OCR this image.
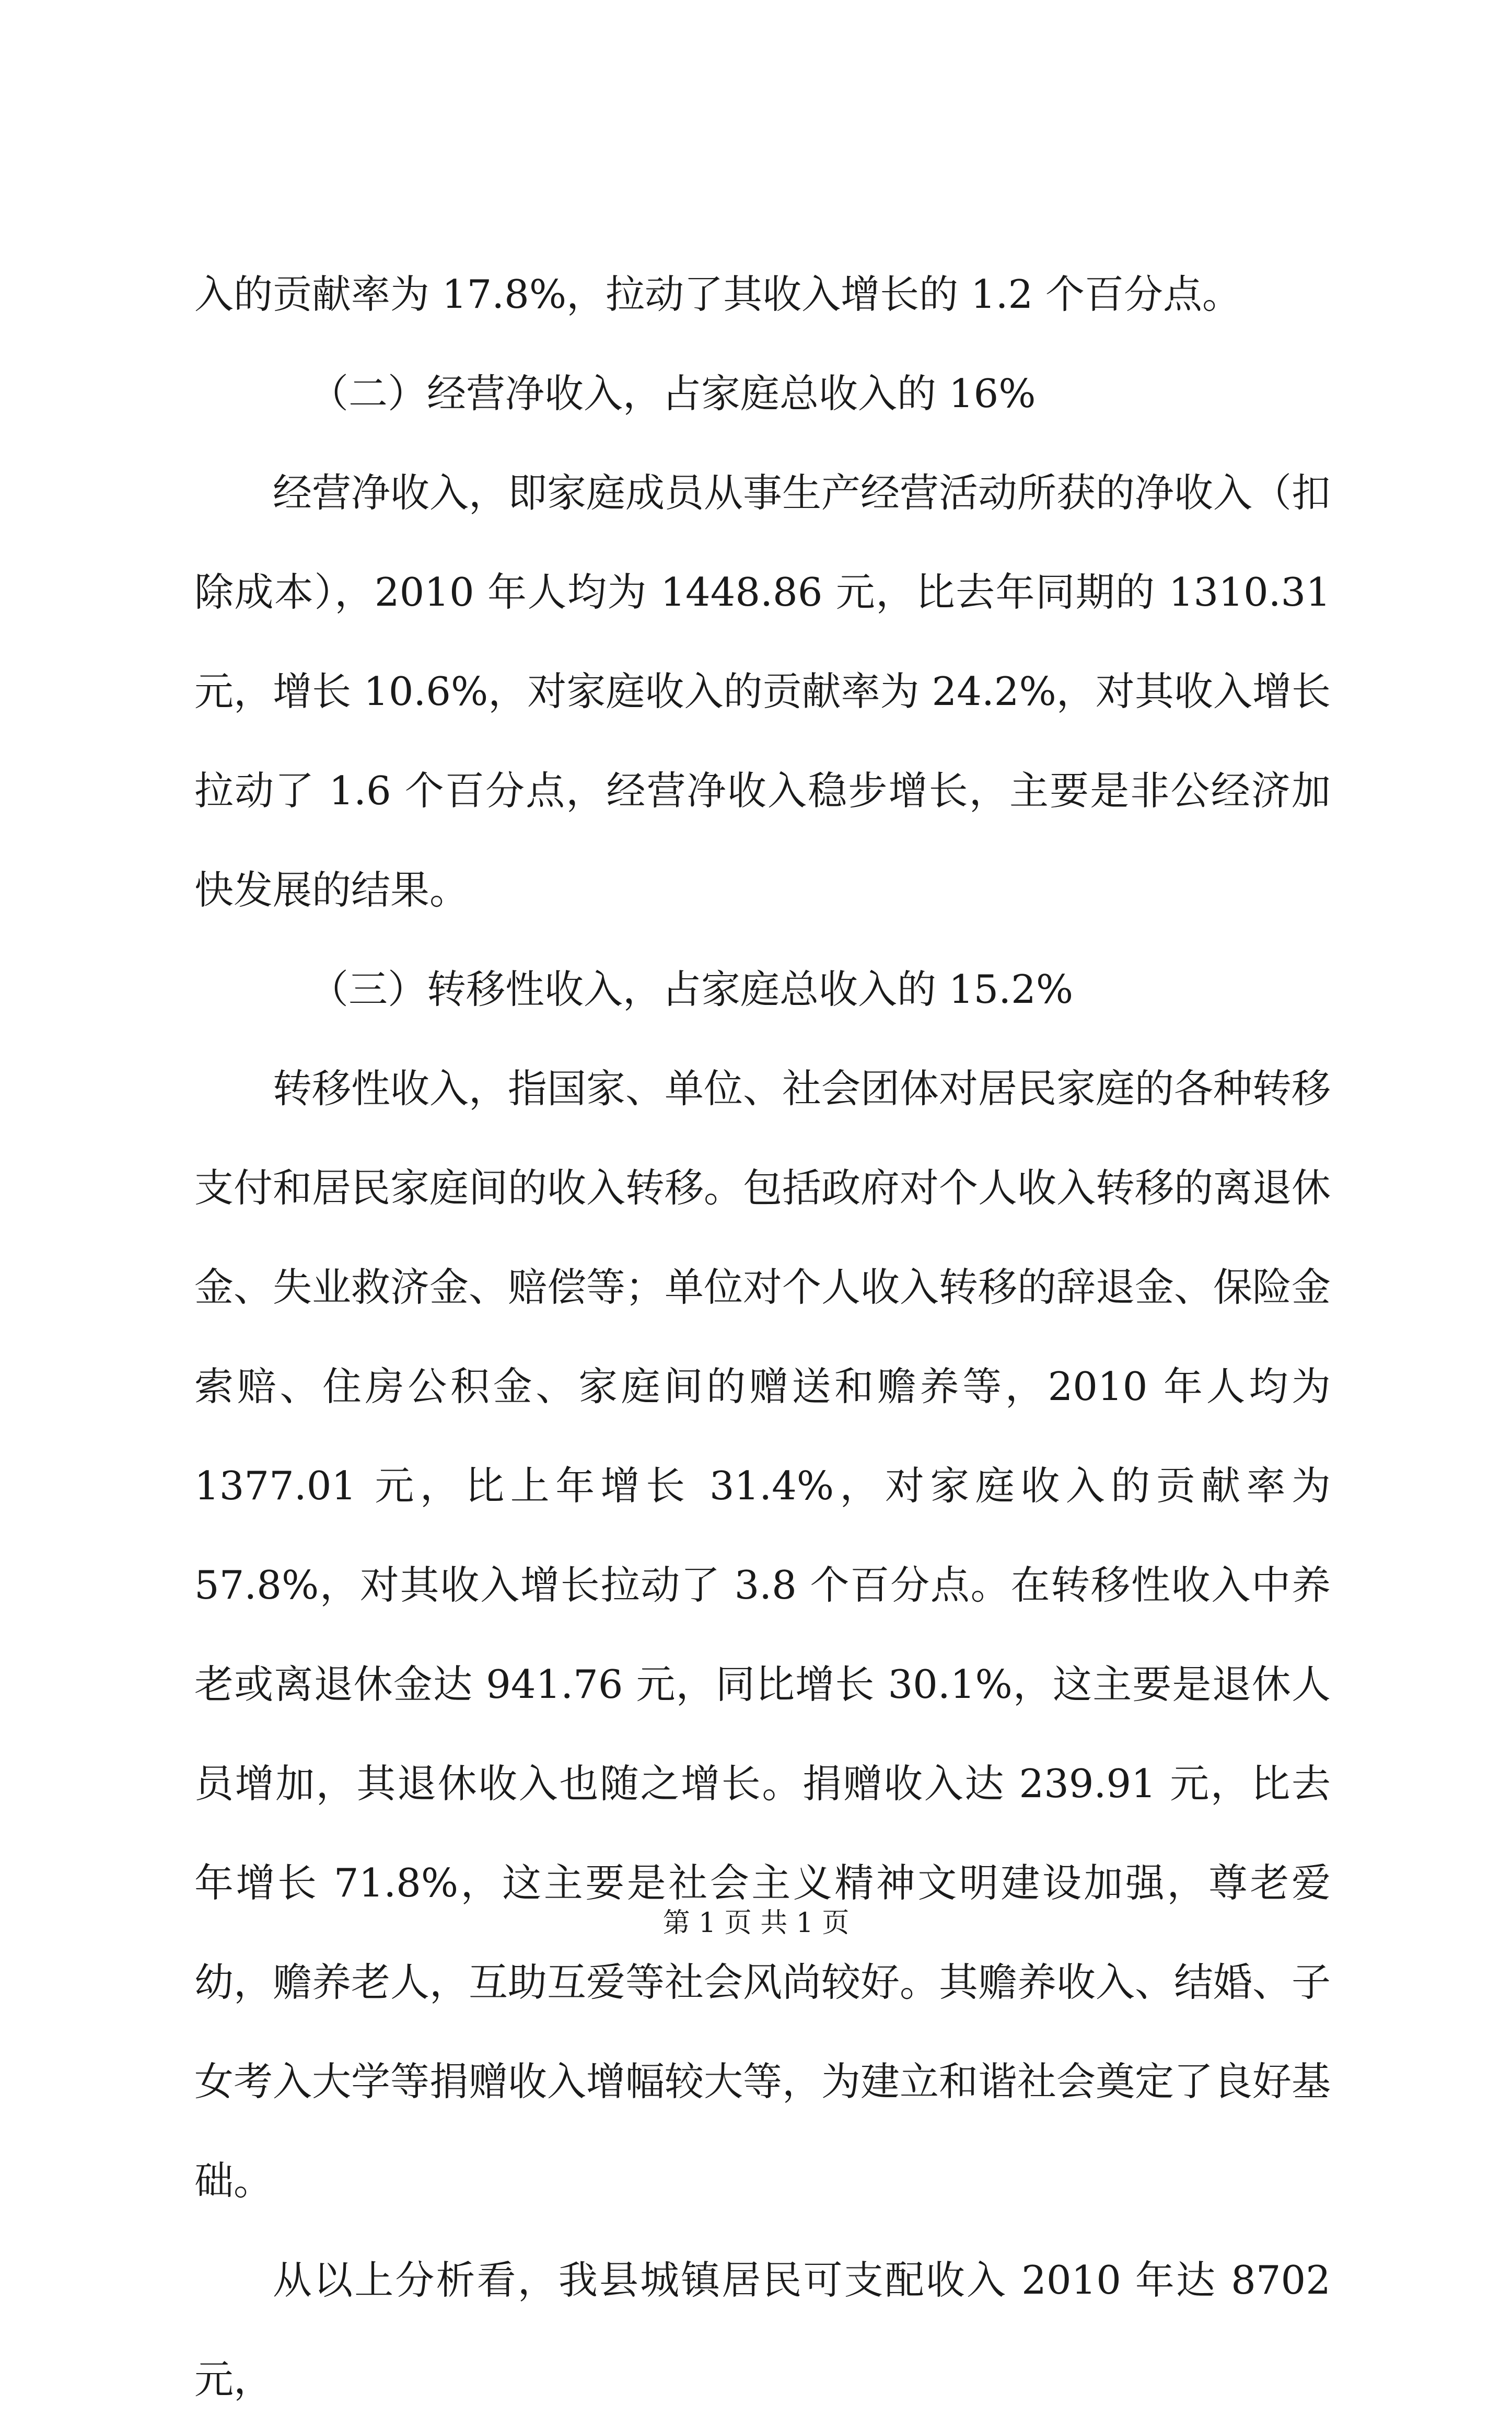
入的贡献率为 17.8%，拉动了其收入增长的 1.2 个百分点。

（二）经营净收入，占家庭总收入的 16%

经营净收入，即家庭成员从事生产经营活动所获的净收入（扣除成本），2010 年人均为 1448.86 元，比去年同期的 1310.31 元，增长 10.6%，对家庭收入的贡献率为 24.2%，对其收入增长拉动了 1.6 个百分点，经营净收入稳步增长，主要是非公经济加快发展的结果。

（三）转移性收入，占家庭总收入的 15.2%

转移性收入，指国家、单位、社会团体对居民家庭的各种转移支付和居民家庭间的收入转移。包括政府对个人收入转移的离退休金、失业救济金、赔偿等；单位对个人收入转移的辞退金、保险金索赔、住房公积金、家庭间的赠送和赡养等，2010 年人均为 1377.01 元，比上年增长 31.4%，对家庭收入的贡献率为 57.8%，对其收入增长拉动了 3.8 个百分点。在转移性收入中养老或离退休金达 941.76 元，同比增长 30.1%，这主要是退休人员增加，其退休收入也随之增长。捐赠收入达 239.91 元，比去年增长 71.8%，这主要是社会主义精神文明建设加强，尊老爱幼，赡养老人，互助互爱等社会风尚较好。其赡养收入、结婚、子女考入大学等捐赠收入增幅较大等，为建立和谐社会奠定了良好基础。

从以上分析看，我县城镇居民可支配收入 2010 年达 8702 元，

第 1 页 共 1 页
